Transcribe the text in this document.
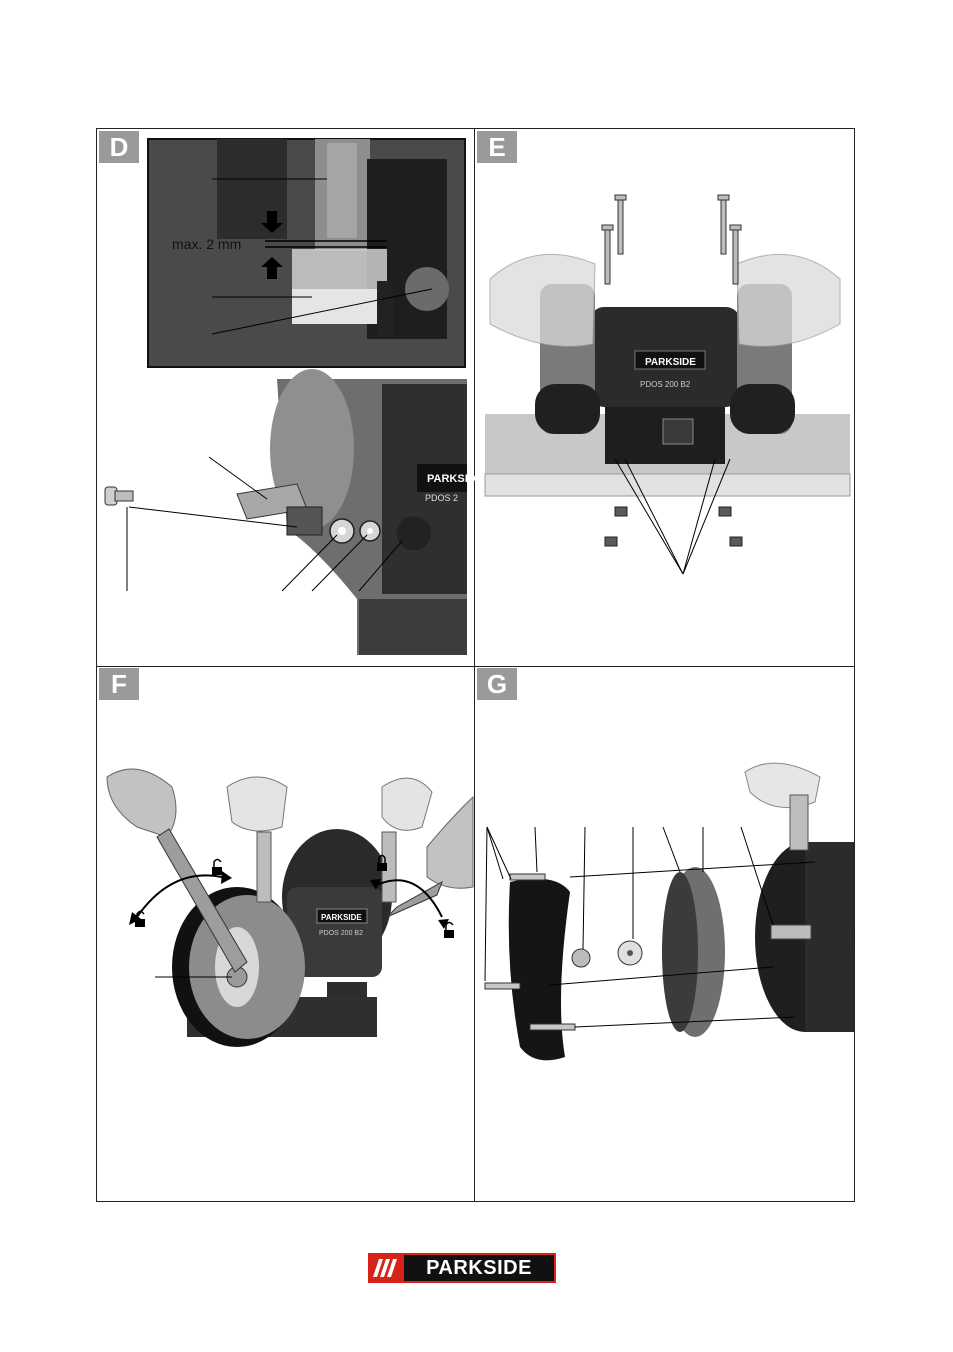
D	E
F	G
PARKSIDE
PDOS 2
max. 2 mm
PARKSIDE
PDOS 200 B2
PARKSIDE
PDOS 200 B2
PARKSIDE
